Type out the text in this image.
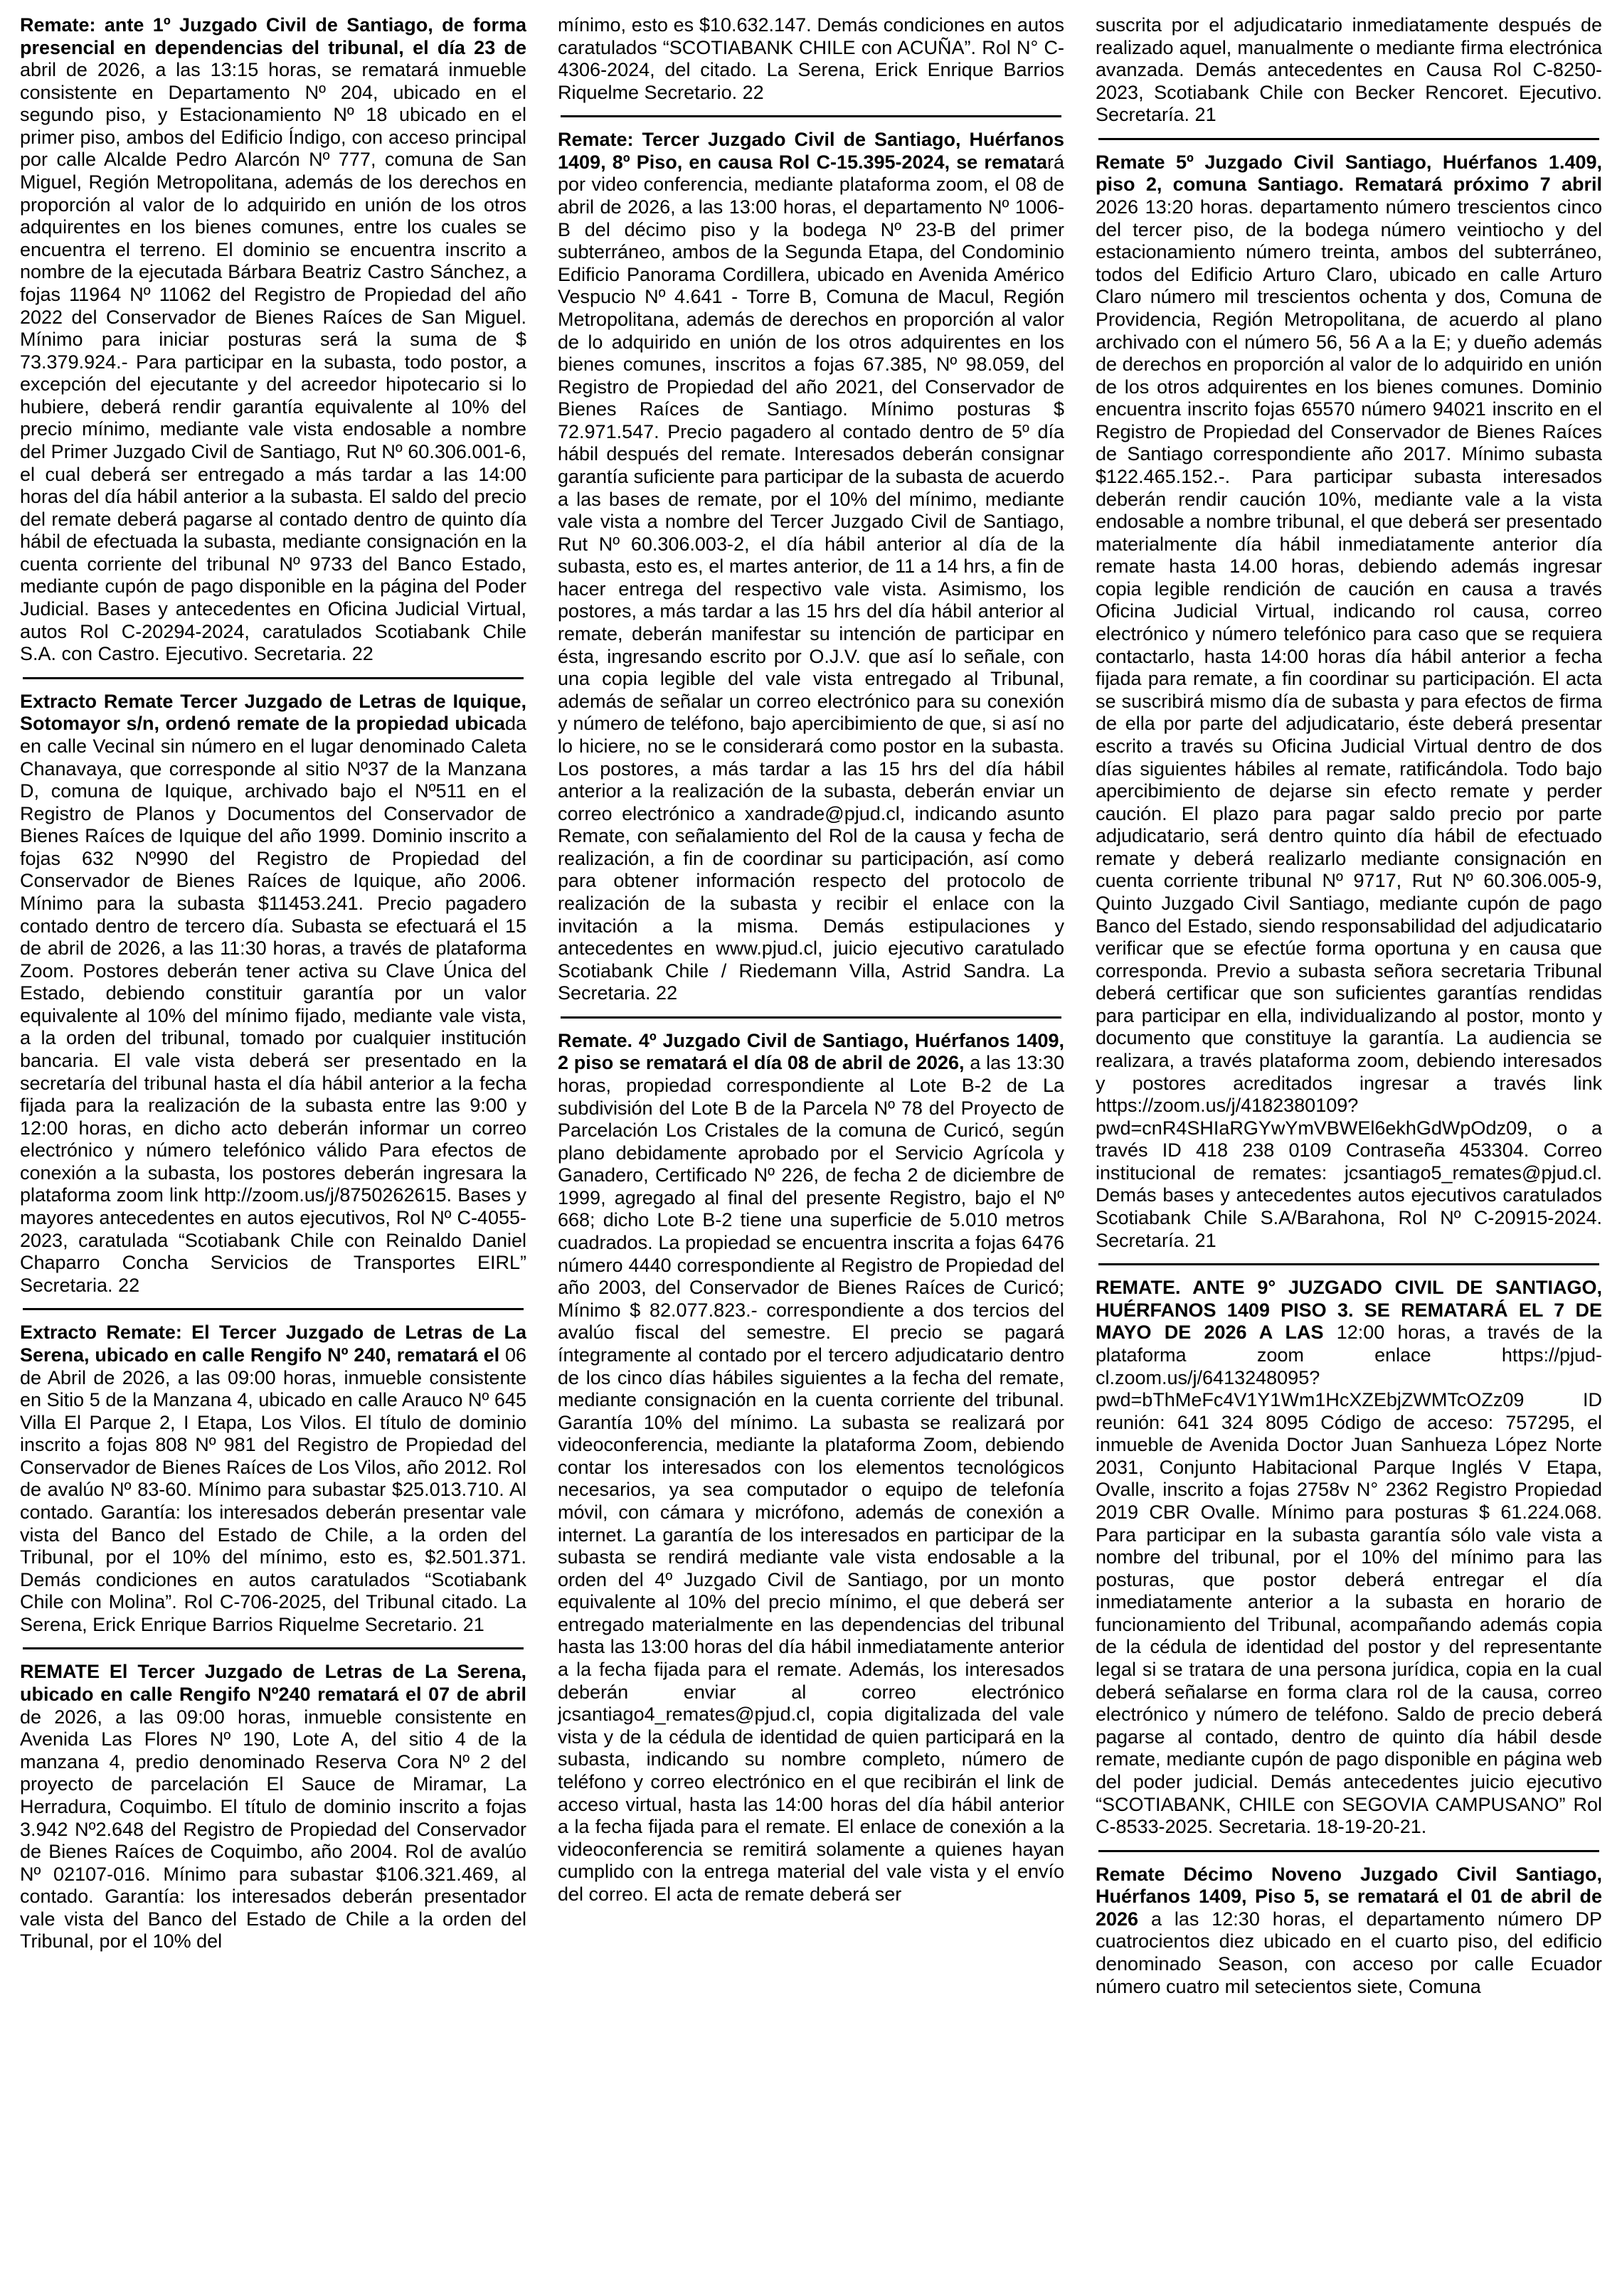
Remate: ante 1º Juzgado Civil de Santiago, de forma presencial en dependencias del tribunal, el día 23 de abril de 2026, a las 13:15 horas, se rematará inmueble consistente en Departamento Nº 204, ubicado en el segundo piso, y Estacionamiento Nº 18 ubicado en el primer piso, ambos del Edificio Índigo, con acceso principal por calle Alcalde Pedro Alarcón Nº 777, comuna de San Miguel, Región Metropolitana, además de los derechos en proporción al valor de lo adquirido en unión de los otros adquirentes en los bienes comunes, entre los cuales se encuentra el terreno. El dominio se encuentra inscrito a nombre de la ejecutada Bárbara Beatriz Castro Sánchez, a fojas 11964 Nº 11062 del Registro de Propiedad del año 2022 del Conservador de Bienes Raíces de San Miguel. Mínimo para iniciar posturas será la suma de $ 73.379.924.- Para participar en la subasta, todo postor, a excepción del ejecutante y del acreedor hipotecario si lo hubiere, deberá rendir garantía equivalente al 10% del precio mínimo, mediante vale vista endosable a nombre del Primer Juzgado Civil de Santiago, Rut Nº 60.306.001-6, el cual deberá ser entregado a más tardar a las 14:00 horas del día hábil anterior a la subasta. El saldo del precio del remate deberá pagarse al contado dentro de quinto día hábil de efectuada la subasta, mediante consignación en la cuenta corriente del tribunal Nº 9733 del Banco Estado, mediante cupón de pago disponible en la página del Poder Judicial. Bases y antecedentes en Oficina Judicial Virtual, autos Rol C-20294-2024, caratulados Scotiabank Chile S.A. con Castro. Ejecutivo. Secretaria. 22
Extracto Remate Tercer Juzgado de Letras de Iquique, Sotomayor s/n, ordenó remate de la propiedad ubicada en calle Vecinal sin número en el lugar denominado Caleta Chanavaya, que corresponde al sitio Nº37 de la Manzana D, comuna de Iquique, archivado bajo el Nº511 en el Registro de Planos y Documentos del Conservador de Bienes Raíces de Iquique del año 1999. Dominio inscrito a fojas 632 Nº990 del Registro de Propiedad del Conservador de Bienes Raíces de Iquique, año 2006. Mínimo para la subasta $11453.241. Precio pagadero contado dentro de tercero día. Subasta se efectuará el 15 de abril de 2026, a las 11:30 horas, a través de plataforma Zoom. Postores deberán tener activa su Clave Única del Estado, debiendo constituir garantía por un valor equivalente al 10% del mínimo fijado, mediante vale vista, a la orden del tribunal, tomado por cualquier institución bancaria. El vale vista deberá ser presentado en la secretaría del tribunal hasta el día hábil anterior a la fecha fijada para la realización de la subasta entre las 9:00 y 12:00 horas, en dicho acto deberán informar un correo electrónico y número telefónico válido Para efectos de conexión a la subasta, los postores deberán ingresara la plataforma zoom link http://zoom.us/j/8750262615. Bases y mayores antecedentes en autos ejecutivos, Rol Nº C-4055-2023, caratulada “Scotiabank Chile con Reinaldo Daniel Chaparro Concha Servicios de Transportes EIRL” Secretaria. 22
Extracto Remate: El Tercer Juzgado de Letras de La Serena, ubicado en calle Rengifo Nº 240, rematará el 06 de Abril de 2026, a las 09:00 horas, inmueble consistente en Sitio 5 de la Manzana 4, ubicado en calle Arauco Nº 645 Villa El Parque 2, I Etapa, Los Vilos. El título de dominio inscrito a fojas 808 Nº 981 del Registro de Propiedad del Conservador de Bienes Raíces de Los Vilos, año 2012. Rol de avalúo Nº 83-60. Mínimo para subastar $25.013.710. Al contado. Garantía: los interesados deberán presentar vale vista del Banco del Estado de Chile, a la orden del Tribunal, por el 10% del mínimo, esto es, $2.501.371. Demás condiciones en autos caratulados “Scotiabank Chile con Molina”. Rol C-706-2025, del Tribunal citado. La Serena, Erick Enrique Barrios Riquelme Secretario. 21
REMATE El Tercer Juzgado de Letras de La Serena, ubicado en calle Rengifo Nº240 rematará el 07 de abril de 2026, a las 09:00 horas, inmueble consistente en Avenida Las Flores Nº 190, Lote A, del sitio 4 de la manzana 4, predio denominado Reserva Cora Nº 2 del proyecto de parcelación El Sauce de Miramar, La Herradura, Coquimbo. El título de dominio inscrito a fojas 3.942 Nº2.648 del Registro de Propiedad del Conservador de Bienes Raíces de Coquimbo, año 2004. Rol de avalúo Nº 02107-016. Mínimo para subastar $106.321.469, al contado. Garantía: los interesados deberán presentador vale vista del Banco del Estado de Chile a la orden del Tribunal, por el 10% del
mínimo, esto es $10.632.147. Demás condiciones en autos caratulados “SCOTIABANK CHILE con ACUÑA”. Rol N° C-4306-2024, del citado. La Serena, Erick Enrique Barrios Riquelme Secretario. 22
Remate: Tercer Juzgado Civil de Santiago, Huérfanos 1409, 8º Piso, en causa Rol C-15.395-2024, se rematará por video conferencia, mediante plataforma zoom, el 08 de abril de 2026, a las 13:00 horas, el departamento Nº 1006-B del décimo piso y la bodega Nº 23-B del primer subterráneo, ambos de la Segunda Etapa, del Condominio Edificio Panorama Cordillera, ubicado en Avenida Américo Vespucio Nº 4.641 - Torre B, Comuna de Macul, Región Metropolitana, además de derechos en proporción al valor de lo adquirido en unión de los otros adquirentes en los bienes comunes, inscritos a fojas 67.385, Nº 98.059, del Registro de Propiedad del año 2021, del Conservador de Bienes Raíces de Santiago. Mínimo posturas $ 72.971.547. Precio pagadero al contado dentro de 5º día hábil después del remate. Interesados deberán consignar garantía suficiente para participar de la subasta de acuerdo a las bases de remate, por el 10% del mínimo, mediante vale vista a nombre del Tercer Juzgado Civil de Santiago, Rut Nº 60.306.003-2, el día hábil anterior al día de la subasta, esto es, el martes anterior, de 11 a 14 hrs, a fin de hacer entrega del respectivo vale vista. Asimismo, los postores, a más tardar a las 15 hrs del día hábil anterior al remate, deberán manifestar su intención de participar en ésta, ingresando escrito por O.J.V. que así lo señale, con una copia legible del vale vista entregado al Tribunal, además de señalar un correo electrónico para su conexión y número de teléfono, bajo apercibimiento de que, si así no lo hiciere, no se le considerará como postor en la subasta. Los postores, a más tardar a las 15 hrs del día hábil anterior a la realización de la subasta, deberán enviar un correo electrónico a xandrade@pjud.cl, indicando asunto Remate, con señalamiento del Rol de la causa y fecha de realización, a fin de coordinar su participación, así como para obtener información respecto del protocolo de realización de la subasta y recibir el enlace con la invitación a la misma. Demás estipulaciones y antecedentes en www.pjud.cl, juicio ejecutivo caratulado Scotiabank Chile / Riedemann Villa, Astrid Sandra. La Secretaria. 22
Remate. 4º Juzgado Civil de Santiago, Huérfanos 1409, 2 piso se rematará el día 08 de abril de 2026, a las 13:30 horas, propiedad correspondiente al Lote B-2 de La subdivisión del Lote B de la Parcela Nº 78 del Proyecto de Parcelación Los Cristales de la comuna de Curicó, según plano debidamente aprobado por el Servicio Agrícola y Ganadero, Certificado Nº 226, de fecha 2 de diciembre de 1999, agregado al final del presente Registro, bajo el Nº 668; dicho Lote B-2 tiene una superficie de 5.010 metros cuadrados. La propiedad se encuentra inscrita a fojas 6476 número 4440 correspondiente al Registro de Propiedad del año 2003, del Conservador de Bienes Raíces de Curicó; Mínimo $ 82.077.823.- correspondiente a dos tercios del avalúo fiscal del semestre. El precio se pagará íntegramente al contado por el tercero adjudicatario dentro de los cinco días hábiles siguientes a la fecha del remate, mediante consignación en la cuenta corriente del tribunal. Garantía 10% del mínimo. La subasta se realizará por videoconferencia, mediante la plataforma Zoom, debiendo contar los interesados con los elementos tecnológicos necesarios, ya sea computador o equipo de telefonía móvil, con cámara y micrófono, además de conexión a internet. La garantía de los interesados en participar de la subasta se rendirá mediante vale vista endosable a la orden del 4º Juzgado Civil de Santiago, por un monto equivalente al 10% del precio mínimo, el que deberá ser entregado materialmente en las dependencias del tribunal hasta las 13:00 horas del día hábil inmediatamente anterior a la fecha fijada para el remate. Además, los interesados deberán enviar al correo electrónico jcsantiago4_remates@pjud.cl, copia digitalizada del vale vista y de la cédula de identidad de quien participará en la subasta, indicando su nombre completo, número de teléfono y correo electrónico en el que recibirán el link de acceso virtual, hasta las 14:00 horas del día hábil anterior a la fecha fijada para el remate. El enlace de conexión a la videoconferencia se remitirá solamente a quienes hayan cumplido con la entrega material del vale vista y el envío del correo. El acta de remate deberá ser
suscrita por el adjudicatario inmediatamente después de realizado aquel, manualmente o mediante firma electrónica avanzada. Demás antecedentes en Causa Rol C-8250-2023, Scotiabank Chile con Becker Rencoret. Ejecutivo. Secretaría. 21
Remate 5º Juzgado Civil Santiago, Huérfanos 1.409, piso 2, comuna Santiago. Rematará próximo 7 abril 2026 13:20 horas. departamento número trescientos cinco del tercer piso, de la bodega número veintiocho y del estacionamiento número treinta, ambos del subterráneo, todos del Edificio Arturo Claro, ubicado en calle Arturo Claro número mil trescientos ochenta y dos, Comuna de Providencia, Región Metropolitana, de acuerdo al plano archivado con el número 56, 56 A a la E; y dueño además de derechos en proporción al valor de lo adquirido en unión de los otros adquirentes en los bienes comunes. Dominio encuentra inscrito fojas 65570 número 94021 inscrito en el Registro de Propiedad del Conservador de Bienes Raíces de Santiago correspondiente año 2017. Mínimo subasta $122.465.152.-. Para participar subasta interesados deberán rendir caución 10%, mediante vale a la vista endosable a nombre tribunal, el que deberá ser presentado materialmente día hábil inmediatamente anterior día remate hasta 14.00 horas, debiendo además ingresar copia legible rendición de caución en causa a través Oficina Judicial Virtual, indicando rol causa, correo electrónico y número telefónico para caso que se requiera contactarlo, hasta 14:00 horas día hábil anterior a fecha fijada para remate, a fin coordinar su participación. El acta se suscribirá mismo día de subasta y para efectos de firma de ella por parte del adjudicatario, éste deberá presentar escrito a través su Oficina Judicial Virtual dentro de dos días siguientes hábiles al remate, ratificándola. Todo bajo apercibimiento de dejarse sin efecto remate y perder caución. El plazo para pagar saldo precio por parte adjudicatario, será dentro quinto día hábil de efectuado remate y deberá realizarlo mediante consignación en cuenta corriente tribunal Nº 9717, Rut Nº 60.306.005-9, Quinto Juzgado Civil Santiago, mediante cupón de pago Banco del Estado, siendo responsabilidad del adjudicatario verificar que se efectúe forma oportuna y en causa que corresponda. Previo a subasta señora secretaria Tribunal deberá certificar que son suficientes garantías rendidas para participar en ella, individualizando al postor, monto y documento que constituye la garantía. La audiencia se realizara, a través plataforma zoom, debiendo interesados y postores acreditados ingresar a través link https://zoom.us/j/4182380109?pwd=cnR4SHIaRGYwYmVBWEl6ekhGdWpOdz09, o a través ID 418 238 0109 Contraseña 453304. Correo institucional de remates: jcsantiago5_remates@pjud.cl. Demás bases y antecedentes autos ejecutivos caratulados Scotiabank Chile S.A/Barahona, Rol Nº C-20915-2024. Secretaría. 21
REMATE. ANTE 9° JUZGADO CIVIL DE SANTIAGO, HUÉRFANOS 1409 PISO 3. SE REMATARÁ EL 7 DE MAYO DE 2026 A LAS 12:00 horas, a través de la plataforma zoom enlace https://pjud-cl.zoom.us/j/6413248095?pwd=bThMeFc4V1Y1Wm1HcXZEbjZWMTcOZz09 ID reunión: 641 324 8095 Código de acceso: 757295, el inmueble de Avenida Doctor Juan Sanhueza López Norte 2031, Conjunto Habitacional Parque Inglés V Etapa, Ovalle, inscrito a fojas 2758v N° 2362 Registro Propiedad 2019 CBR Ovalle. Mínimo para posturas $ 61.224.068. Para participar en la subasta garantía sólo vale vista a nombre del tribunal, por el 10% del mínimo para las posturas, que postor deberá entregar el día inmediatamente anterior a la subasta en horario de funcionamiento del Tribunal, acompañando además copia de la cédula de identidad del postor y del representante legal si se tratara de una persona jurídica, copia en la cual deberá señalarse en forma clara rol de la causa, correo electrónico y número de teléfono. Saldo de precio deberá pagarse al contado, dentro de quinto día hábil desde remate, mediante cupón de pago disponible en página web del poder judicial. Demás antecedentes juicio ejecutivo “SCOTIABANK, CHILE con SEGOVIA CAMPUSANO” Rol C-8533-2025. Secretaria. 18-19-20-21.
Remate Décimo Noveno Juzgado Civil Santiago, Huérfanos 1409, Piso 5, se rematará el 01 de abril de 2026 a las 12:30 horas, el departamento número DP cuatrocientos diez ubicado en el cuarto piso, del edificio denominado Season, con acceso por calle Ecuador número cuatro mil setecientos siete, Comuna
